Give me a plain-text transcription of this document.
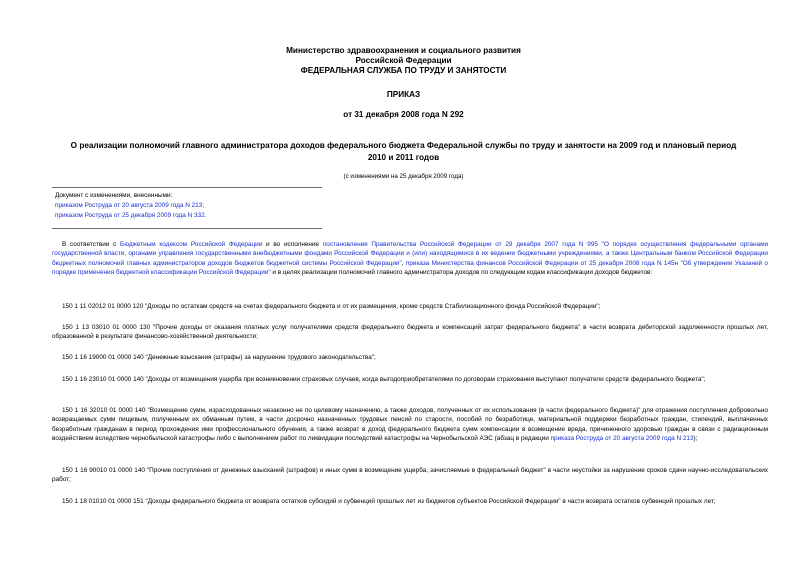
Министерство здравоохранения и социального развития
Российской Федерации
ФЕДЕРАЛЬНАЯ СЛУЖБА ПО ТРУДУ И ЗАНЯТОСТИ
ПРИКАЗ
от 31 декабря 2008 года N 292
О реализации полномочий главного администратора доходов федерального бюджета Федеральной службы по труду и занятости на 2009 год и плановый период
2010 и 2011 годов
(с изменениями на 25 декабря 2009 года)
Документ с изменениями, внесенными:
приказом Роструда от 20 августа 2009 года N 213;
приказом Роструда от 25 декабря 2009 года N 332.
В соответствии с Бюджетным кодексом Российской Федерации и во исполнение постановления Правительства Российской Федерации от 29 декабря 2007 года N 995 "О порядке осуществления федеральными органами государственной власти, органами управления государственными внебюджетными фондами Российской Федерации и (или) находящимися в их ведении бюджетными учреждениями, а также Центральным банком Российской Федерации бюджетных полномочий главных администраторов доходов бюджетов бюджетной системы Российской Федерации", приказа Министерства финансов Российской Федерации от 25 декабря 2008 года N 145н "Об утверждении Указаний о порядке применения бюджетной классификации Российской Федерации" и в целях реализации полномочий главного администратора доходов по следующим кодам классификации доходов бюджетов:
150 1 11 02012 01 0000 120 "Доходы по остаткам средств на счетах федерального бюджета и от их размещения, кроме средств Стабилизационного фонда Российской Федерации";
150 1 13 03010 01 0000 130 "Прочие доходы от оказания платных услуг получателями средств федерального бюджета и компенсаций затрат федерального бюджета" в части возврата дебиторской задолженности прошлых лет, образованной в результате финансово-хозяйственной деятельности;
150 1 16 19000 01 0000 140 "Денежные взыскания (штрафы) за нарушение трудового законодательства";
150 1 16 23010 01 0000 140 "Доходы от возмещения ущерба при возникновении страховых случаев, когда выгодоприобретателями по договорам страхования выступают получатели средств федерального бюджета";
150 1 16 32010 01 0000 140 "Возмещение сумм, израсходованных незаконно не по целевому назначению, а также доходов, полученных от их использования (в части федерального бюджета)" для отражения поступления добровольно возвращаемых сумм пищевым, полученным их обманным путем, в части досрочно назначенных трудовых пенсий по старости, пособий по безработице, материальной поддержки безработных граждан, стипендий, выплаченных безработным гражданам в период прохождения ими профессионального обучения, а также возврат в доход федерального бюджета сумм компенсации в возмещение вреда, причиненного здоровью граждан в связи с радиационным воздействием вследствие чернобыльской катастрофы либо с выполнением работ по ликвидации последствий катастрофы на Чернобыльской АЭС (абзац в редакции приказа Роструда от 20 августа 2009 года N 213);
150 1 16 90010 01 0000 140 "Прочие поступления от денежных взысканий (штрафов) и иных сумм в возмещение ущерба, зачисляемые в федеральный бюджет" в части неустойки за нарушение сроков сдачи научно-исследовательских работ;
150 1 18 01010 01 0000 151 "Доходы федерального бюджета от возврата остатков субсидий и субвенций прошлых лет из бюджетов субъектов Российской Федерации" в части возврата остатков субвенций прошлых лет;
